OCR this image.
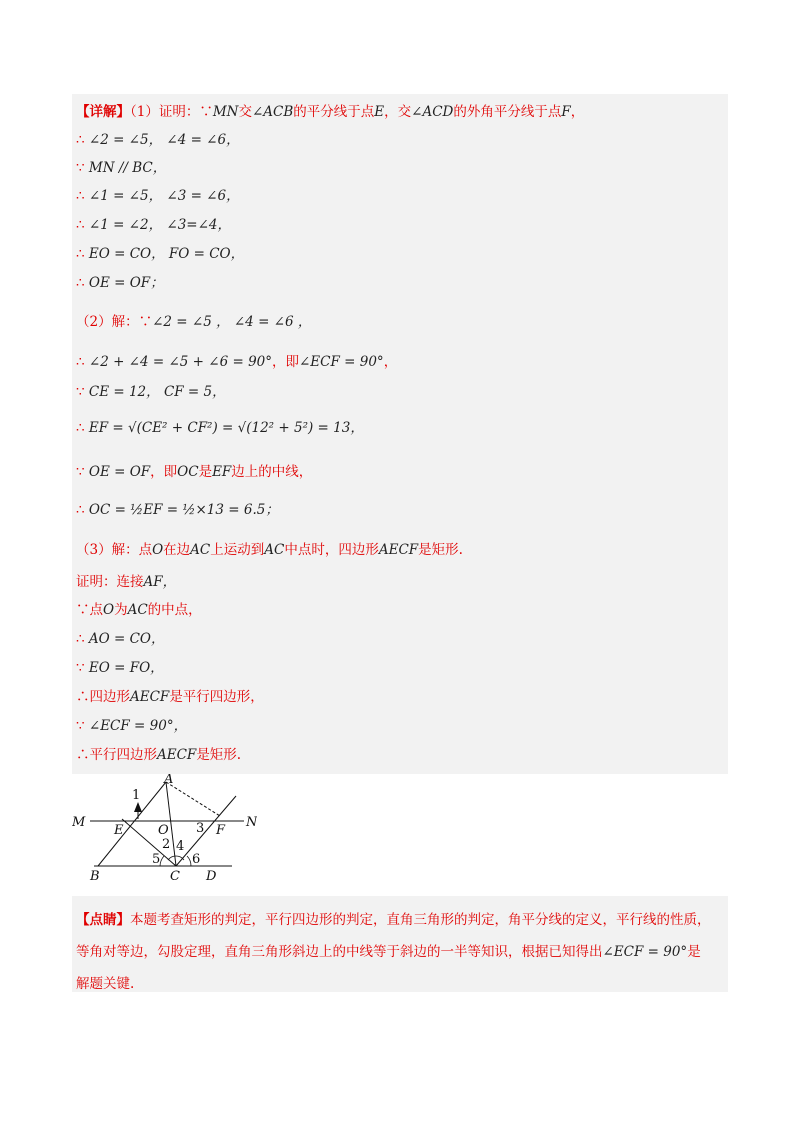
【详解】（1）证明：∵MN交∠ACB的平分线于点E，交∠ACD的外角平分线于点F，
∴ ∠2 = ∠5， ∠4 = ∠6，
∵ MN // BC，
∴ ∠1 = ∠5， ∠3 = ∠6，
∴ ∠1 = ∠2， ∠3=∠4，
∴ EO = CO， FO = CO，
∴ OE = OF；
（2）解：∵∠2 = ∠5 ， ∠4 = ∠6 ，
∴ ∠2 + ∠4 = ∠5 + ∠6 = 90°，即∠ECF = 90°，
∵ CE = 12， CF = 5，
∴ EF = √(CE² + CF²) = √(12² + 5²) = 13，
∵ OE = OF，即OC是EF边上的中线，
∴ OC = ½EF = ½×13 = 6.5；
（3）解：点O在边AC上运动到AC中点时，四边形AECF是矩形.
证明：连接AF，
∵点O为AC的中点，
∴ AO = CO，
∵ EO = FO，
∴四边形AECF是平行四边形，
∵ ∠ECF = 90°，
∴平行四边形AECF是矩形.
M	N
A
B	C D
E	F
O
1
2
3
4
5 6
【点睛】本题考查矩形的判定，平行四边形的判定，直角三角形的判定，角平分线的定义，平行线的性质，
等角对等边，勾股定理，直角三角形斜边上的中线等于斜边的一半等知识，根据已知得出∠ECF = 90°是
解题关键.
